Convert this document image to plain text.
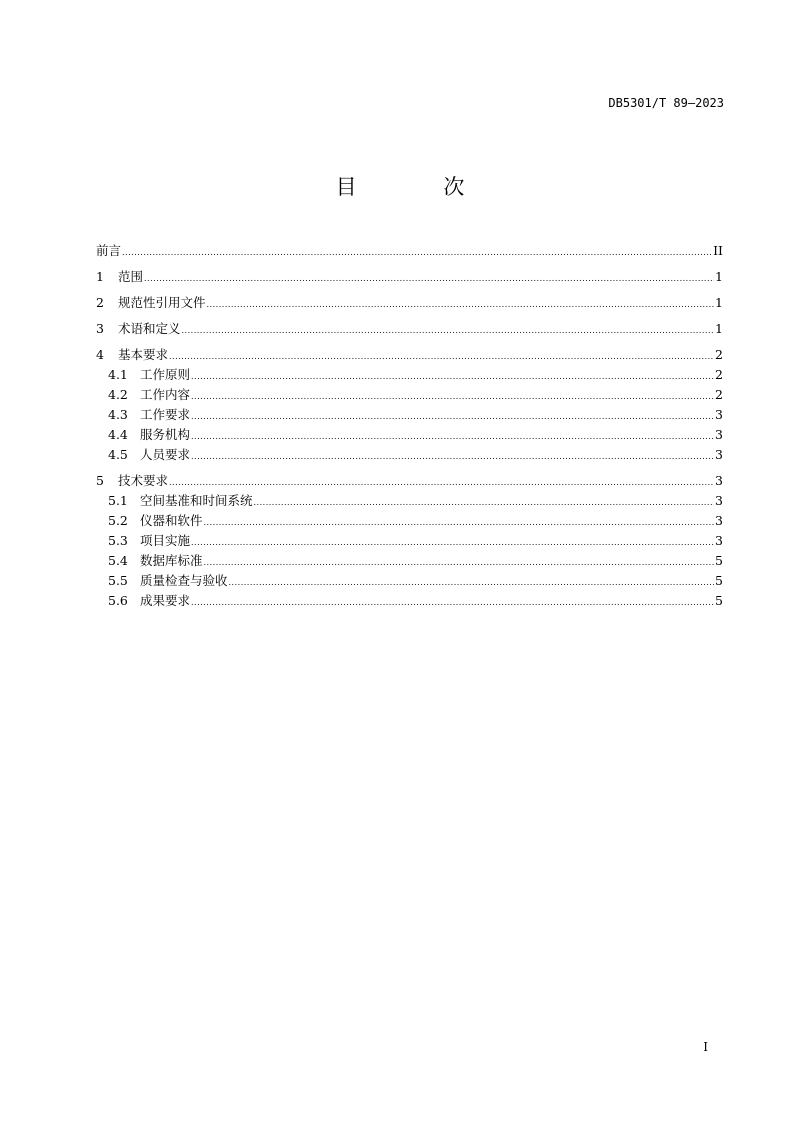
DB5301/T 89—2023
目 次
前言 .....	II
1	范围 .....	1
2	规范性引用文件 .....	1
3	术语和定义 .....	1
4	基本要求 .....	2
4.1 工作原则 .....	2
4.2 工作内容 .....	2
4.3 工作要求 .....	3
4.4 服务机构 .....	3
4.5 人员要求 .....	3
5	技术要求 .....	3
5.1 空间基准和时间系统 .....	3
5.2 仪器和软件 .....	3
5.3 项目实施 .....	3
5.4 数据库标准 .....	5
5.5 质量检查与验收 .....	5
5.6 成果要求 .....	5
I
